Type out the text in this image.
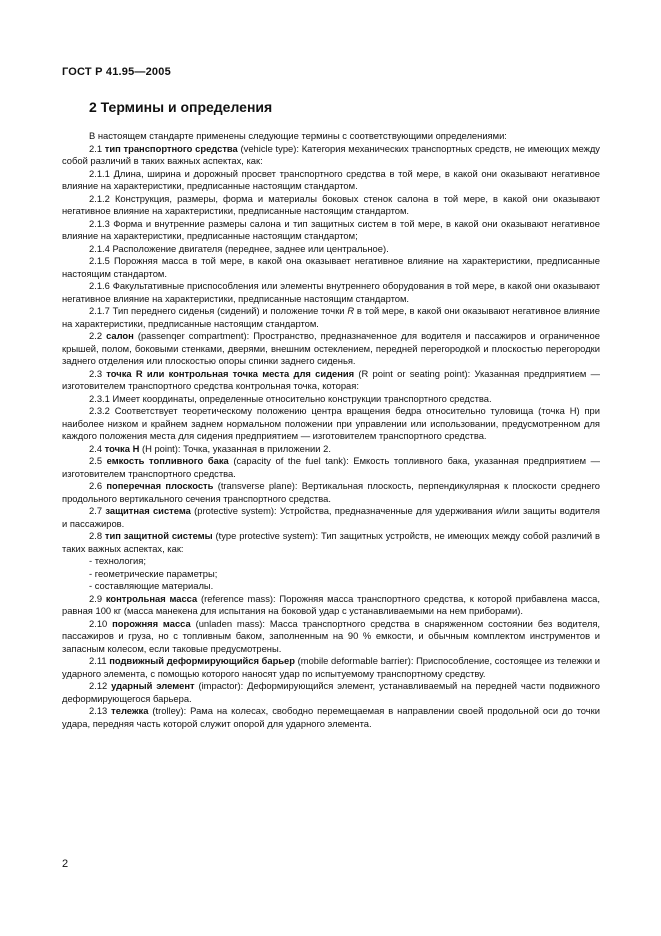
ГОСТ Р 41.95—2005
2 Термины и определения

В настоящем стандарте применены следующие термины с соответствующими определениями:

2.1 тип транспортного средства (vehicle type): Категория механических транспортных средств, не имеющих между собой различий в таких важных аспектах, как:

2.1.1 Длина, ширина и дорожный просвет транспортного средства в той мере, в какой они оказывают негативное влияние на характеристики, предписанные настоящим стандартом.

2.1.2 Конструкция, размеры, форма и материалы боковых стенок салона в той мере, в какой они оказывают негативное влияние на характеристики, предписанные настоящим стандартом.

2.1.3 Форма и внутренние размеры салона и тип защитных систем в той мере, в какой они оказывают негативное влияние на характеристики, предписанные настоящим стандартом;

2.1.4 Расположение двигателя (переднее, заднее или центральное).

2.1.5 Порожняя масса в той мере, в какой она оказывает негативное влияние на характеристики, предписанные настоящим стандартом.

2.1.6 Факультативные приспособления или элементы внутреннего оборудования в той мере, в какой они оказывают негативное влияние на характеристики, предписанные настоящим стандартом.

2.1.7 Тип переднего сиденья (сидений) и положение точки R в той мере, в какой они оказывают негативное влияние на характеристики, предписанные настоящим стандартом.

2.2 салон (passenqer compartment): Пространство, предназначенное для водителя и пассажиров и ограниченное крышей, полом, боковыми стенками, дверями, внешним остеклением, передней перегородкой и плоскостью перегородки заднего отделения или плоскостью опоры спинки заднего сиденья.

2.3 точка R или контрольная точка места для сидения (R point or seating point): Указанная предприятием — изготовителем транспортного средства контрольная точка, которая:

2.3.1 Имеет координаты, определенные относительно конструкции транспортного средства.

2.3.2 Соответствует теоретическому положению центра вращения бедра относительно туловища (точка H) при наиболее низком и крайнем заднем нормальном положении при управлении или использовании, предусмотренном для каждого положения места для сидения предприятием — изготовителем транспортного средства.

2.4 точка H (H point): Точка, указанная в приложении 2.

2.5 емкость топливного бака (capacity of the fuel tank): Емкость топливного бака, указанная предприятием — изготовителем транспортного средства.

2.6 поперечная плоскость (transverse plane): Вертикальная плоскость, перпендикулярная к плоскости среднего продольного вертикального сечения транспортного средства.

2.7 защитная система (protective system): Устройства, предназначенные для удерживания и/или защиты водителя и пассажиров.

2.8 тип защитной системы (type protective system): Тип защитных устройств, не имеющих между собой различий в таких важных аспектах, как:

- технология;

- геометрические параметры;

- составляющие материалы.

2.9 контрольная масса (reference mass): Порожняя масса транспортного средства, к которой прибавлена масса, равная 100 кг (масса манекена для испытания на боковой удар с устанавливаемыми на нем приборами).

2.10 порожняя масса (unladen mass): Масса транспортного средства в снаряженном состоянии без водителя, пассажиров и груза, но с топливным баком, заполненным на 90 % емкости, и обычным комплектом инструментов и запасным колесом, если таковые предусмотрены.

2.11 подвижный деформирующийся барьер (mobile deformable barrier): Приспособление, состоящее из тележки и ударного элемента, с помощью которого наносят удар по испытуемому транспортному средству.

2.12 ударный элемент (impactor): Деформирующийся элемент, устанавливаемый на передней части подвижного деформирующегося барьера.

2.13 тележка (trolley): Рама на колесах, свободно перемещаемая в направлении своей продольной оси до точки удара, передняя часть которой служит опорой для ударного элемента.

2
